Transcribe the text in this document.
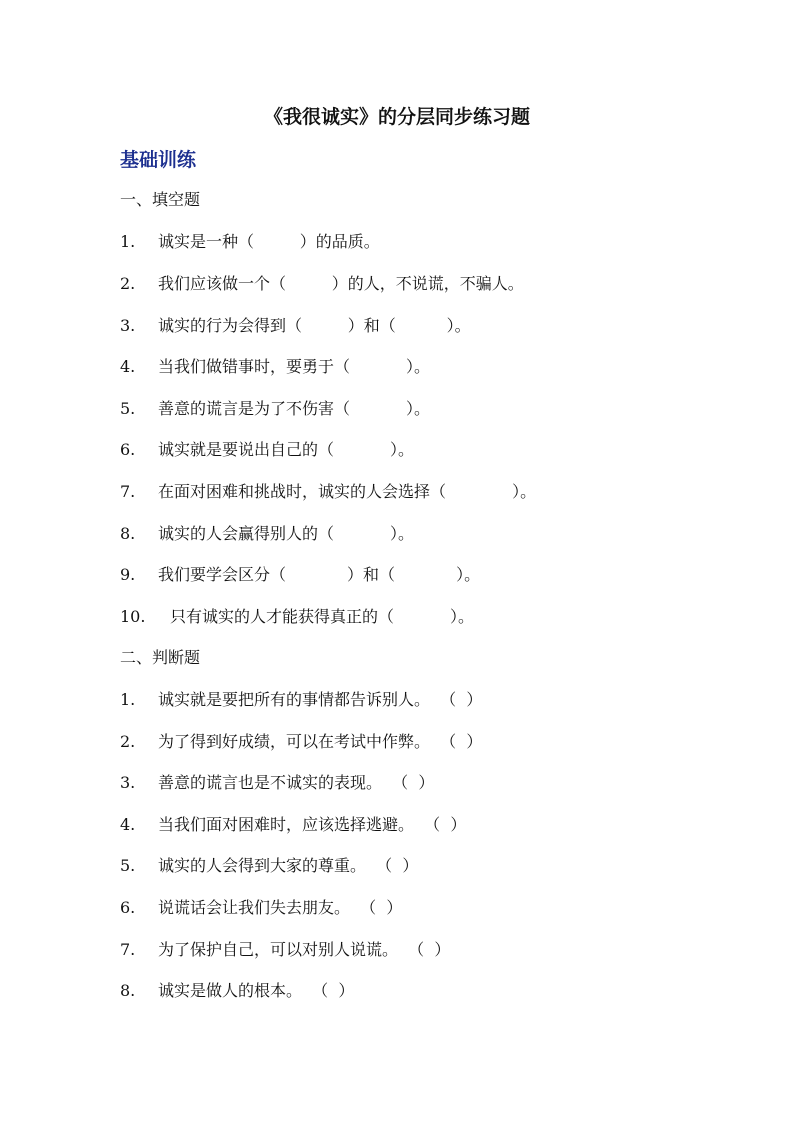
《我很诚实》的分层同步练习题
基础训练
一、填空题
1. 诚实是一种（         ）的品质。
2. 我们应该做一个（         ）的人，不说谎，不骗人。
3. 诚实的行为会得到（         ）和（          ）。
4. 当我们做错事时，要勇于（           ）。
5. 善意的谎言是为了不伤害（           ）。
6. 诚实就是要说出自己的（           ）。
7. 在面对困难和挑战时，诚实的人会选择（             ）。
8. 诚实的人会赢得别人的（           ）。
9. 我们要学会区分（            ）和（            ）。
10. 只有诚实的人才能获得真正的（           ）。
二、判断题
1. 诚实就是要把所有的事情都告诉别人。  （  ）
2. 为了得到好成绩，可以在考试中作弊。  （  ）
3. 善意的谎言也是不诚实的表现。  （  ）
4. 当我们面对困难时，应该选择逃避。  （  ）
5. 诚实的人会得到大家的尊重。  （  ）
6. 说谎话会让我们失去朋友。  （  ）
7. 为了保护自己，可以对别人说谎。  （  ）
8. 诚实是做人的根本。  （  ）
